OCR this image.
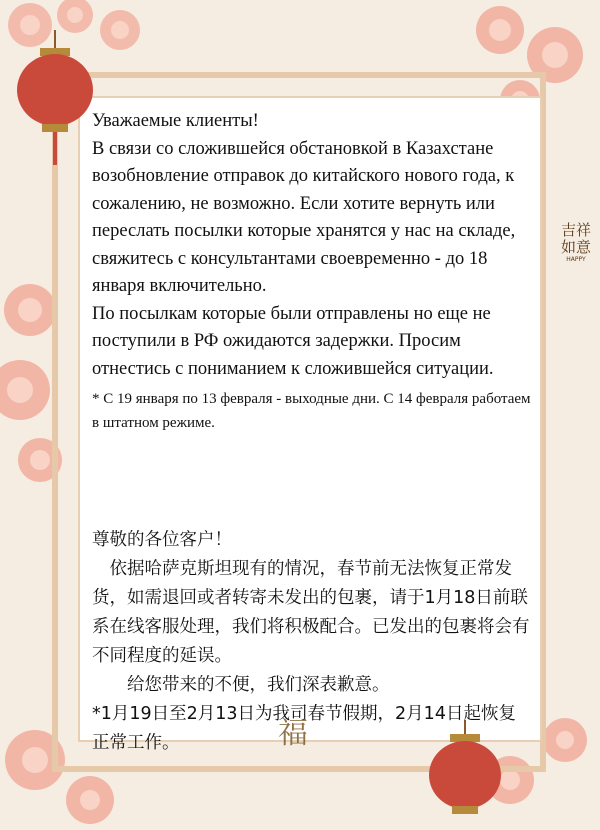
吉祥如意
HAPPY

Уважаемые клиенты!

В связи со сложившейся обстановкой в Казахстане возобновление отправок до китайского нового года, к сожалению, не возможно. Если хотите вернуть или переслать посылки которые хранятся у нас на складе, свяжитесь с консультантами своевременно - до 18 января включительно.

По посылкам которые были отправлены но еще не поступили в РФ ожидаются задержки. Просим отнестись с пониманием к сложившейся ситуации.

* С 19 января по 13 февраля - выходные дни. С 14 февраля работаем в штатном режиме.

尊敬的各位客户！

依据哈萨克斯坦现有的情况，春节前无法恢复正常发货，如需退回或者转寄未发出的包裹，请于1月18日前联系在线客服处理，我们将积极配合。已发出的包裹将会有不同程度的延误。

给您带来的不便，我们深表歉意。

*1月19日至2月13日为我司春节假期，2月14日起恢复正常工作。	福
